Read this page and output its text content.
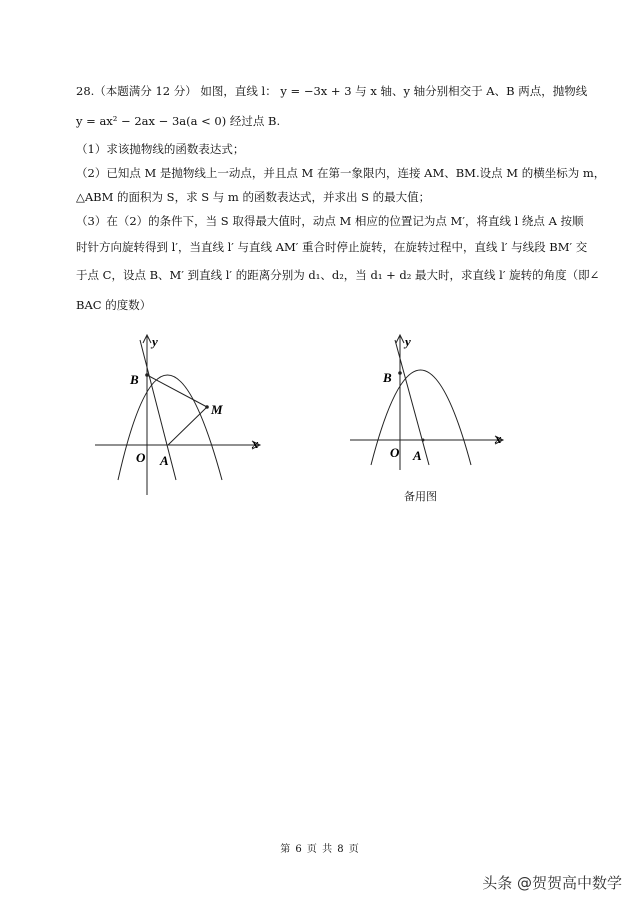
28.（本题满分 12 分） 如图，直线 l： y = −3x + 3 与 x 轴、y 轴分别相交于 A、B 两点，抛物线
y = ax² − 2ax − 3a(a < 0) 经过点 B.
（1）求该抛物线的函数表达式；
（2）已知点 M 是抛物线上一动点，并且点 M 在第一象限内，连接 AM、BM.设点 M 的横坐标为 m，
△ABM 的面积为 S，求 S 与 m 的函数表达式，并求出 S 的最大值；
（3）在（2）的条件下，当 S 取得最大值时，动点 M 相应的位置记为点 M′，将直线 l 绕点 A 按顺
时针方向旋转得到 l′，当直线 l′ 与直线 AM′ 重合时停止旋转，在旋转过程中，直线 l′ 与线段 BM′ 交
于点 C，设点 B、M′ 到直线 l′ 的距离分别为 d₁、d₂，当 d₁ + d₂ 最大时，求直线 l′ 旋转的角度（即∠
BAC 的度数）
y
x
B
M
O A
y
x
B
O A
备用图
第 6 页 共 8 页
头条 @贺贺高中数学
